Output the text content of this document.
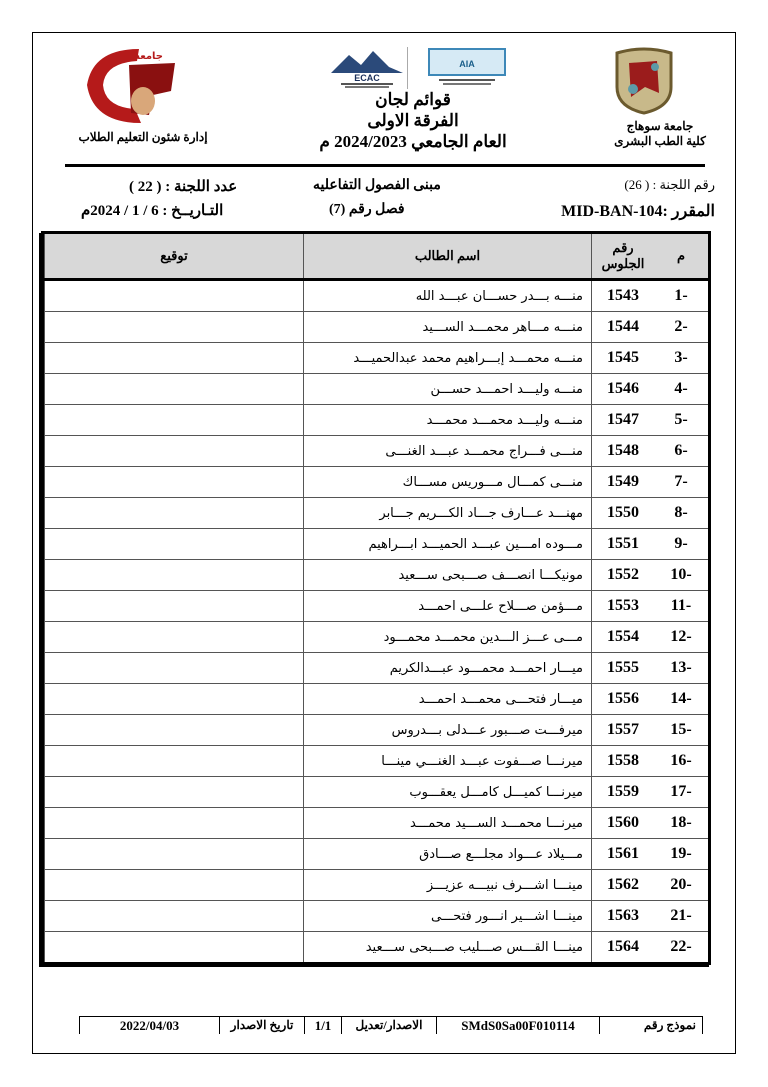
جامعة سوهاج
كلية الطب البشرى
ECAC
AIA
قوائم لجان
الفرقة الاولى
العام الجامعي 2024/2023 م
ﺟﺎﻣﻌﺔ
إدارة شئون التعليم الطلاب
رقم اللجنة : ( 26)
المقرر :MID-BAN-104
مبنى الفصول التفاعليه
فصل رقم (7)
عدد اللجنة : ( 22 )
التـاريــخ : 6 / 1 / 2024م
م	رقم الجلوس	اسم الطالب	توقيع
-1	1543	منـــه بـــدر حســـان عبـــد الله	
-2	1544	منـــه مـــاهر محمـــد الســـيد	
-3	1545	منـــه محمـــد إبـــراهيم محمد عبدالحميـــد	
-4	1546	منـــه وليـــد احمـــد حســـن	
-5	1547	منـــه وليـــد محمـــد محمـــد	
-6	1548	منـــى فـــراج محمـــد عبـــد الغنـــى	
-7	1549	منـــى كمـــال مـــوريس مســـاك	
-8	1550	مهنـــد عـــارف جـــاد الكـــريم جـــابر	
-9	1551	مـــوده امـــين عبـــد الحميـــد ابـــراهيم	
-10	1552	مونيكـــا انصـــف صـــبحى ســـعيد	
-11	1553	مـــؤمن صـــلاح علـــى احمـــد	
-12	1554	مـــى عـــز الـــدين محمـــد محمـــود	
-13	1555	ميـــار احمـــد محمـــود عبـــدالكريم	
-14	1556	ميـــار فتحـــى محمـــد احمـــد	
-15	1557	ميرفـــت صـــبور عـــدلى بـــدروس	
-16	1558	ميرنـــا صـــفوت عبـــد الغنـــي مينـــا	
-17	1559	ميرنـــا كميـــل كامـــل يعقـــوب	
-18	1560	ميرنـــا محمـــد الســـيد محمـــد	
-19	1561	مـــيلاد عـــواد مجلـــع صـــادق	
-20	1562	مينـــا اشـــرف نبيـــه عزيـــز	
-21	1563	مينـــا اشـــير انـــور فتحـــى	
-22	1564	مينـــا القـــس صـــليب صـــبحى ســـعيد	
نموذج رقم	SMdS0Sa00F010114	الاصدار/تعديل	1/1	تاريخ الاصدار	2022/04/03
